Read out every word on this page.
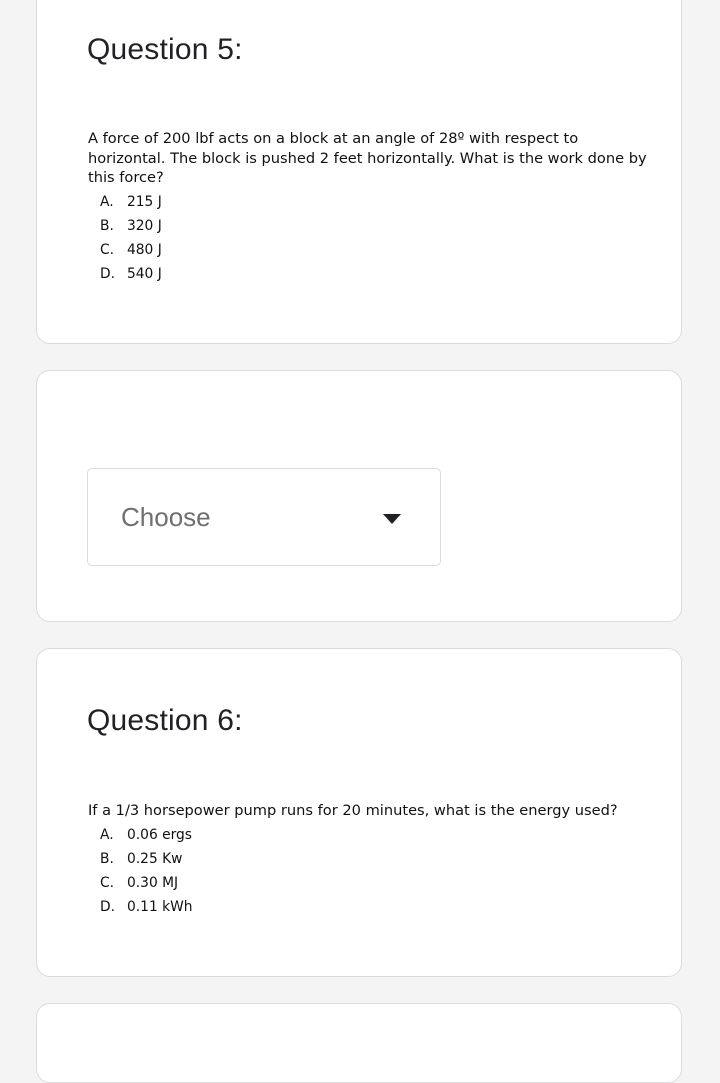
Question 5:
A force of 200 lbf acts on a block at an angle of 28º with respect to horizontal. The block is pushed 2 feet horizontally. What is the work done by this force?
A. 215 J
B. 320 J
C. 480 J
D. 540 J
Choose
Question 6:
If a 1/3 horsepower pump runs for 20 minutes, what is the energy used?
A. 0.06 ergs
B. 0.25 Kw
C. 0.30 MJ
D. 0.11 kWh
